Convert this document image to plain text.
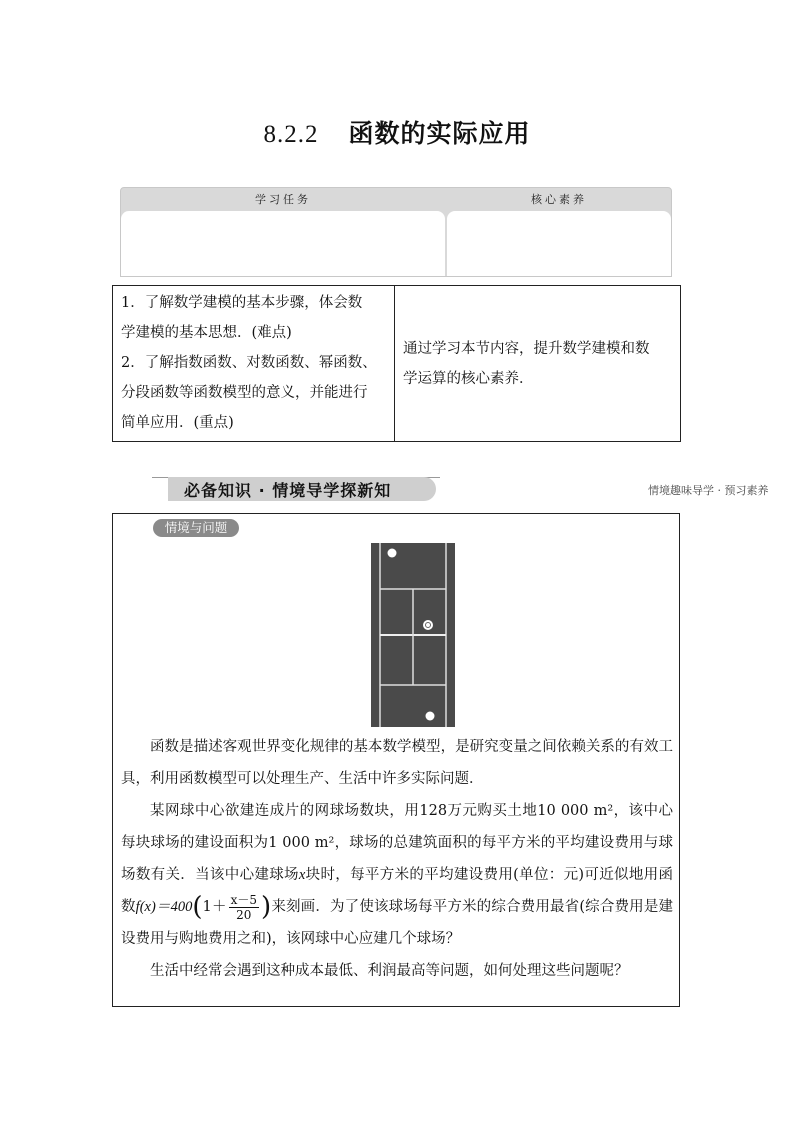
8.2.2 函数的实际应用
学习任务	核心素养
1．了解数学建模的基本步骤，体会数
学建模的基本思想．(难点)
2．了解指数函数、对数函数、幂函数、
分段函数等函数模型的意义，并能进行
简单应用．(重点)
通过学习本节内容，提升数学建模和数
学运算的核心素养．
必备知识 · 情境导学探新知	情境趣味导学 · 预习素养
情境与问题
函数是描述客观世界变化规律的基本数学模型，是研究变量之间依赖关系的有效工具，利用函数模型可以处理生产、生活中许多实际问题．
某网球中心欲建连成片的网球场数块，用128万元购买土地10 000 m²，该中心每块球场的建设面积为1 000 m²，球场的总建筑面积的每平方米的平均建设费用与球场数有关．当该中心建球场x块时，每平方米的平均建设费用(单位：元)可近似地用函数$f(x)=400(1+ \frac{x-5}{20}$ )来刻画．为了使该球场每平方米的综合费用最省(综合费用是建设费用与购地费用之和)，该网球中心应建几个球场？
生活中经常会遇到这种成本最低、利润最高等问题，如何处理这些问题呢？
